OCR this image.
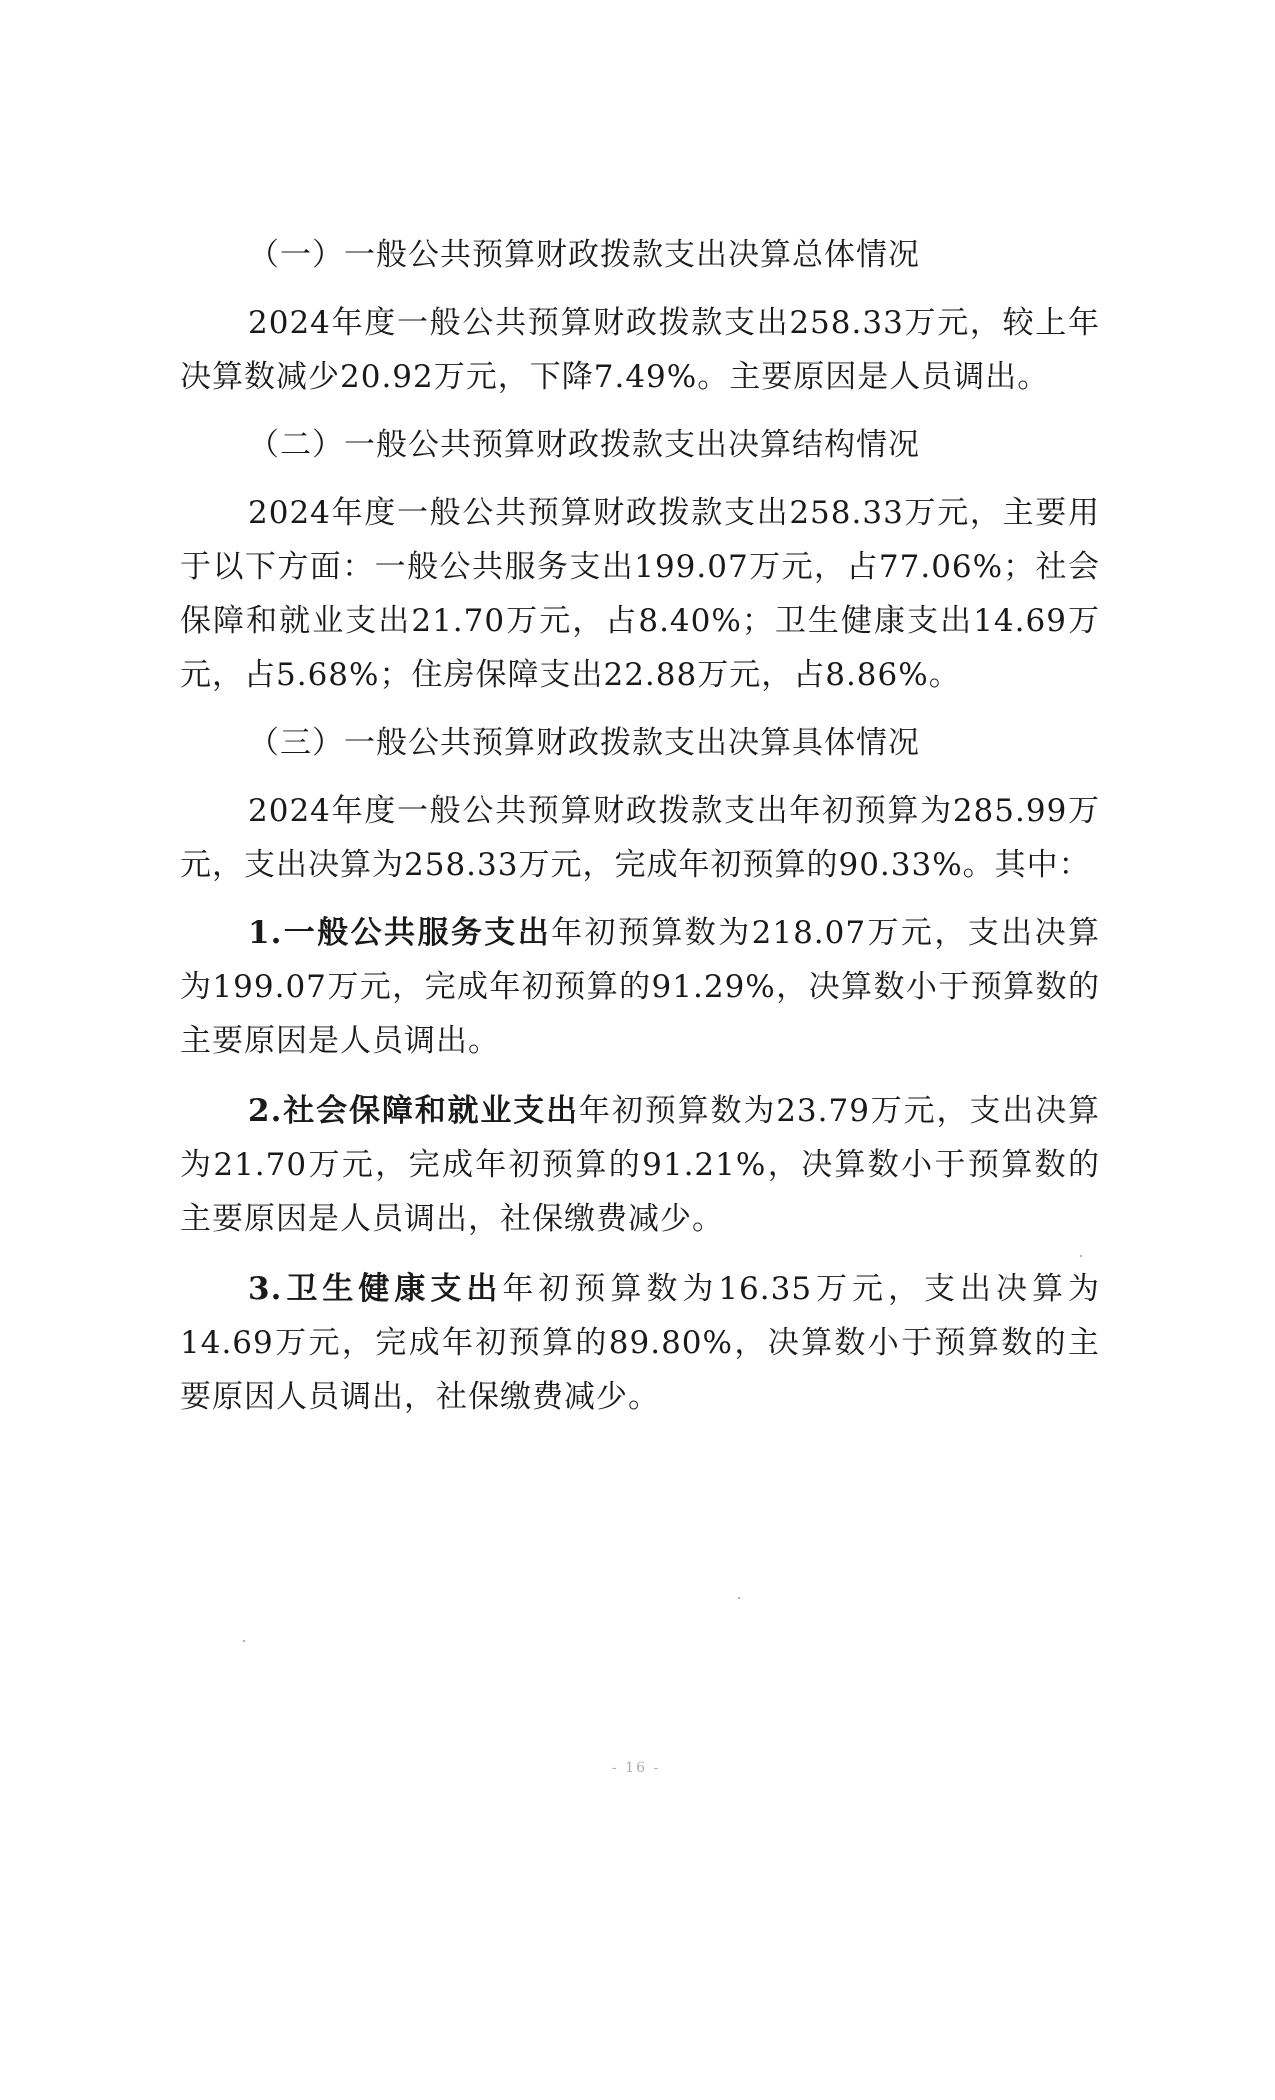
（一）一般公共预算财政拨款支出决算总体情况

2024年度一般公共预算财政拨款支出258.33万元，较上年决算数减少20.92万元，下降7.49%。主要原因是人员调出。

（二）一般公共预算财政拨款支出决算结构情况

2024年度一般公共预算财政拨款支出258.33万元，主要用于以下方面：一般公共服务支出199.07万元，占77.06%；社会保障和就业支出21.70万元，占8.40%；卫生健康支出14.69万元，占5.68%；住房保障支出22.88万元，占8.86%。

（三）一般公共预算财政拨款支出决算具体情况

2024年度一般公共预算财政拨款支出年初预算为285.99万元，支出决算为258.33万元，完成年初预算的90.33%。其中：

1.一般公共服务支出年初预算数为218.07万元，支出决算为199.07万元，完成年初预算的91.29%，决算数小于预算数的主要原因是人员调出。

2.社会保障和就业支出年初预算数为23.79万元，支出决算为21.70万元，完成年初预算的91.21%，决算数小于预算数的主要原因是人员调出，社保缴费减少。

3.卫生健康支出年初预算数为16.35万元，支出决算为14.69万元，完成年初预算的89.80%，决算数小于预算数的主要原因人员调出，社保缴费减少。

- 16 -
